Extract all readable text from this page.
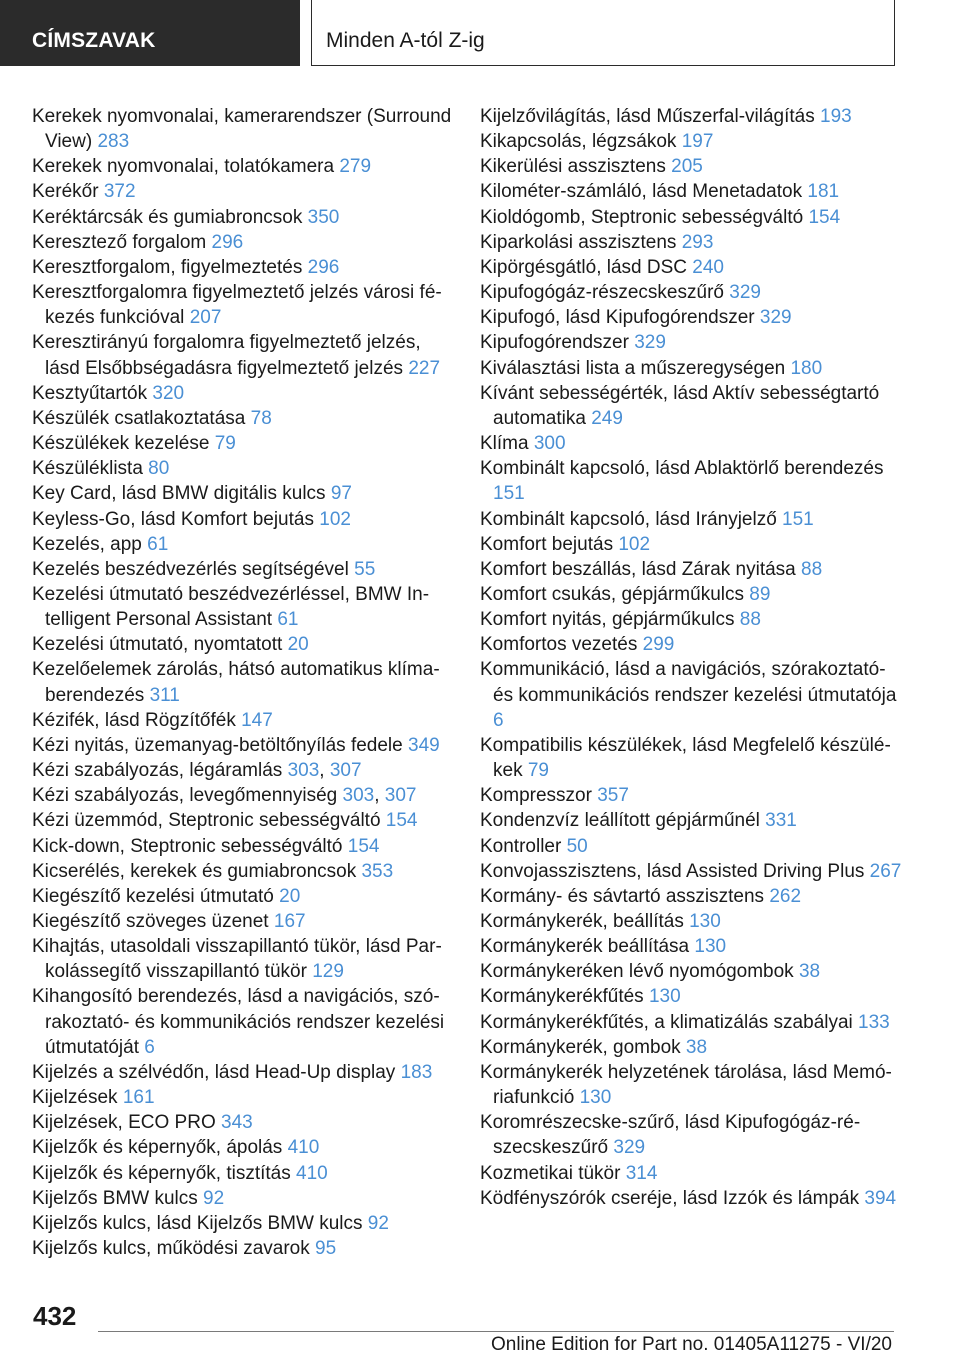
CÍMSZAVAK	Minden A-tól Z-ig
Kerekek nyomvonalai, kamerarendszer (Surround View) 283
Kerekek nyomvonalai, tolatókamera 279
Kerékőr 372
Keréktárcsák és gumiabroncsok 350
Keresztező forgalom 296
Keresztforgalom, figyelmeztetés 296
Keresztforgalomra figyelmeztető jelzés városi fékezés funkcióval 207
Keresztirányú forgalomra figyelmeztető jelzés, lásd Elsőbbségadásra figyelmeztető jelzés 227
Kesztyűtartók 320
Készülék csatlakoztatása 78
Készülékek kezelése 79
Készüléklista 80
Key Card, lásd BMW digitális kulcs 97
Keyless-Go, lásd Komfort bejutás 102
Kezelés, app 61
Kezelés beszédvezérlés segítségével 55
Kezelési útmutató beszédvezérléssel, BMW Intelligent Personal Assistant 61
Kezelési útmutató, nyomtatott 20
Kezelőelemek zárolás, hátsó automatikus klímaberendezés 311
Kézifék, lásd Rögzítőfék 147
Kézi nyitás, üzemanyag-betöltőnyílás fedele 349
Kézi szabályozás, légáramlás 303, 307
Kézi szabályozás, levegőmennyiség 303, 307
Kézi üzemmód, Steptronic sebességváltó 154
Kick-down, Steptronic sebességváltó 154
Kicserélés, kerekek és gumiabroncsok 353
Kiegészítő kezelési útmutató 20
Kiegészítő szöveges üzenet 167
Kihajtás, utasoldali visszapillantó tükör, lásd Parkolássegítő visszapillantó tükör 129
Kihangosító berendezés, lásd a navigációs, szórakoztató- és kommunikációs rendszer kezelési útmutatóját 6
Kijelzés a szélvédőn, lásd Head-Up display 183
Kijelzések 161
Kijelzések, ECO PRO 343
Kijelzők és képernyők, ápolás 410
Kijelzők és képernyők, tisztítás 410
Kijelzős BMW kulcs 92
Kijelzős kulcs, lásd Kijelzős BMW kulcs 92
Kijelzős kulcs, működési zavarok 95
Kijelzővilágítás, lásd Műszerfal-világítás 193
Kikapcsolás, légzsákok 197
Kikerülési asszisztens 205
Kilométer-számláló, lásd Menetadatok 181
Kioldógomb, Steptronic sebességváltó 154
Kiparkolási asszisztens 293
Kipörgésgátló, lásd DSC 240
Kipufogógáz-részecskeszűrő 329
Kipufogó, lásd Kipufogórendszer 329
Kipufogórendszer 329
Kiválasztási lista a műszeregységen 180
Kívánt sebességérték, lásd Aktív sebességtartó automatika 249
Klíma 300
Kombinált kapcsoló, lásd Ablaktörlő berendezés 151
Kombinált kapcsoló, lásd Irányjelző 151
Komfort bejutás 102
Komfort beszállás, lásd Zárak nyitása 88
Komfort csukás, gépjárműkulcs 89
Komfort nyitás, gépjárműkulcs 88
Komfortos vezetés 299
Kommunikáció, lásd a navigációs, szórakoztató- és kommunikációs rendszer kezelési útmutatója 6
Kompatibilis készülékek, lásd Megfelelő készülékek 79
Kompresszor 357
Kondenzvíz leállított gépjárműnél 331
Kontroller 50
Konvojasszisztens, lásd Assisted Driving Plus 267
Kormány- és sávtartó asszisztens 262
Kormánykerék, beállítás 130
Kormánykerék beállítása 130
Kormánykeréken lévő nyomógombok 38
Kormánykerékfűtés 130
Kormánykerékfűtés, a klimatizálás szabályai 133
Kormánykerék, gombok 38
Kormánykerék helyzetének tárolása, lásd Memóriafunkció 130
Koromrészecske-szűrő, lásd Kipufogógáz-részecskeszűrő 329
Kozmetikai tükör 314
Ködfényszórók cseréje, lásd Izzók és lámpák 394
432
Online Edition for Part no. 01405A11275 - VI/20
